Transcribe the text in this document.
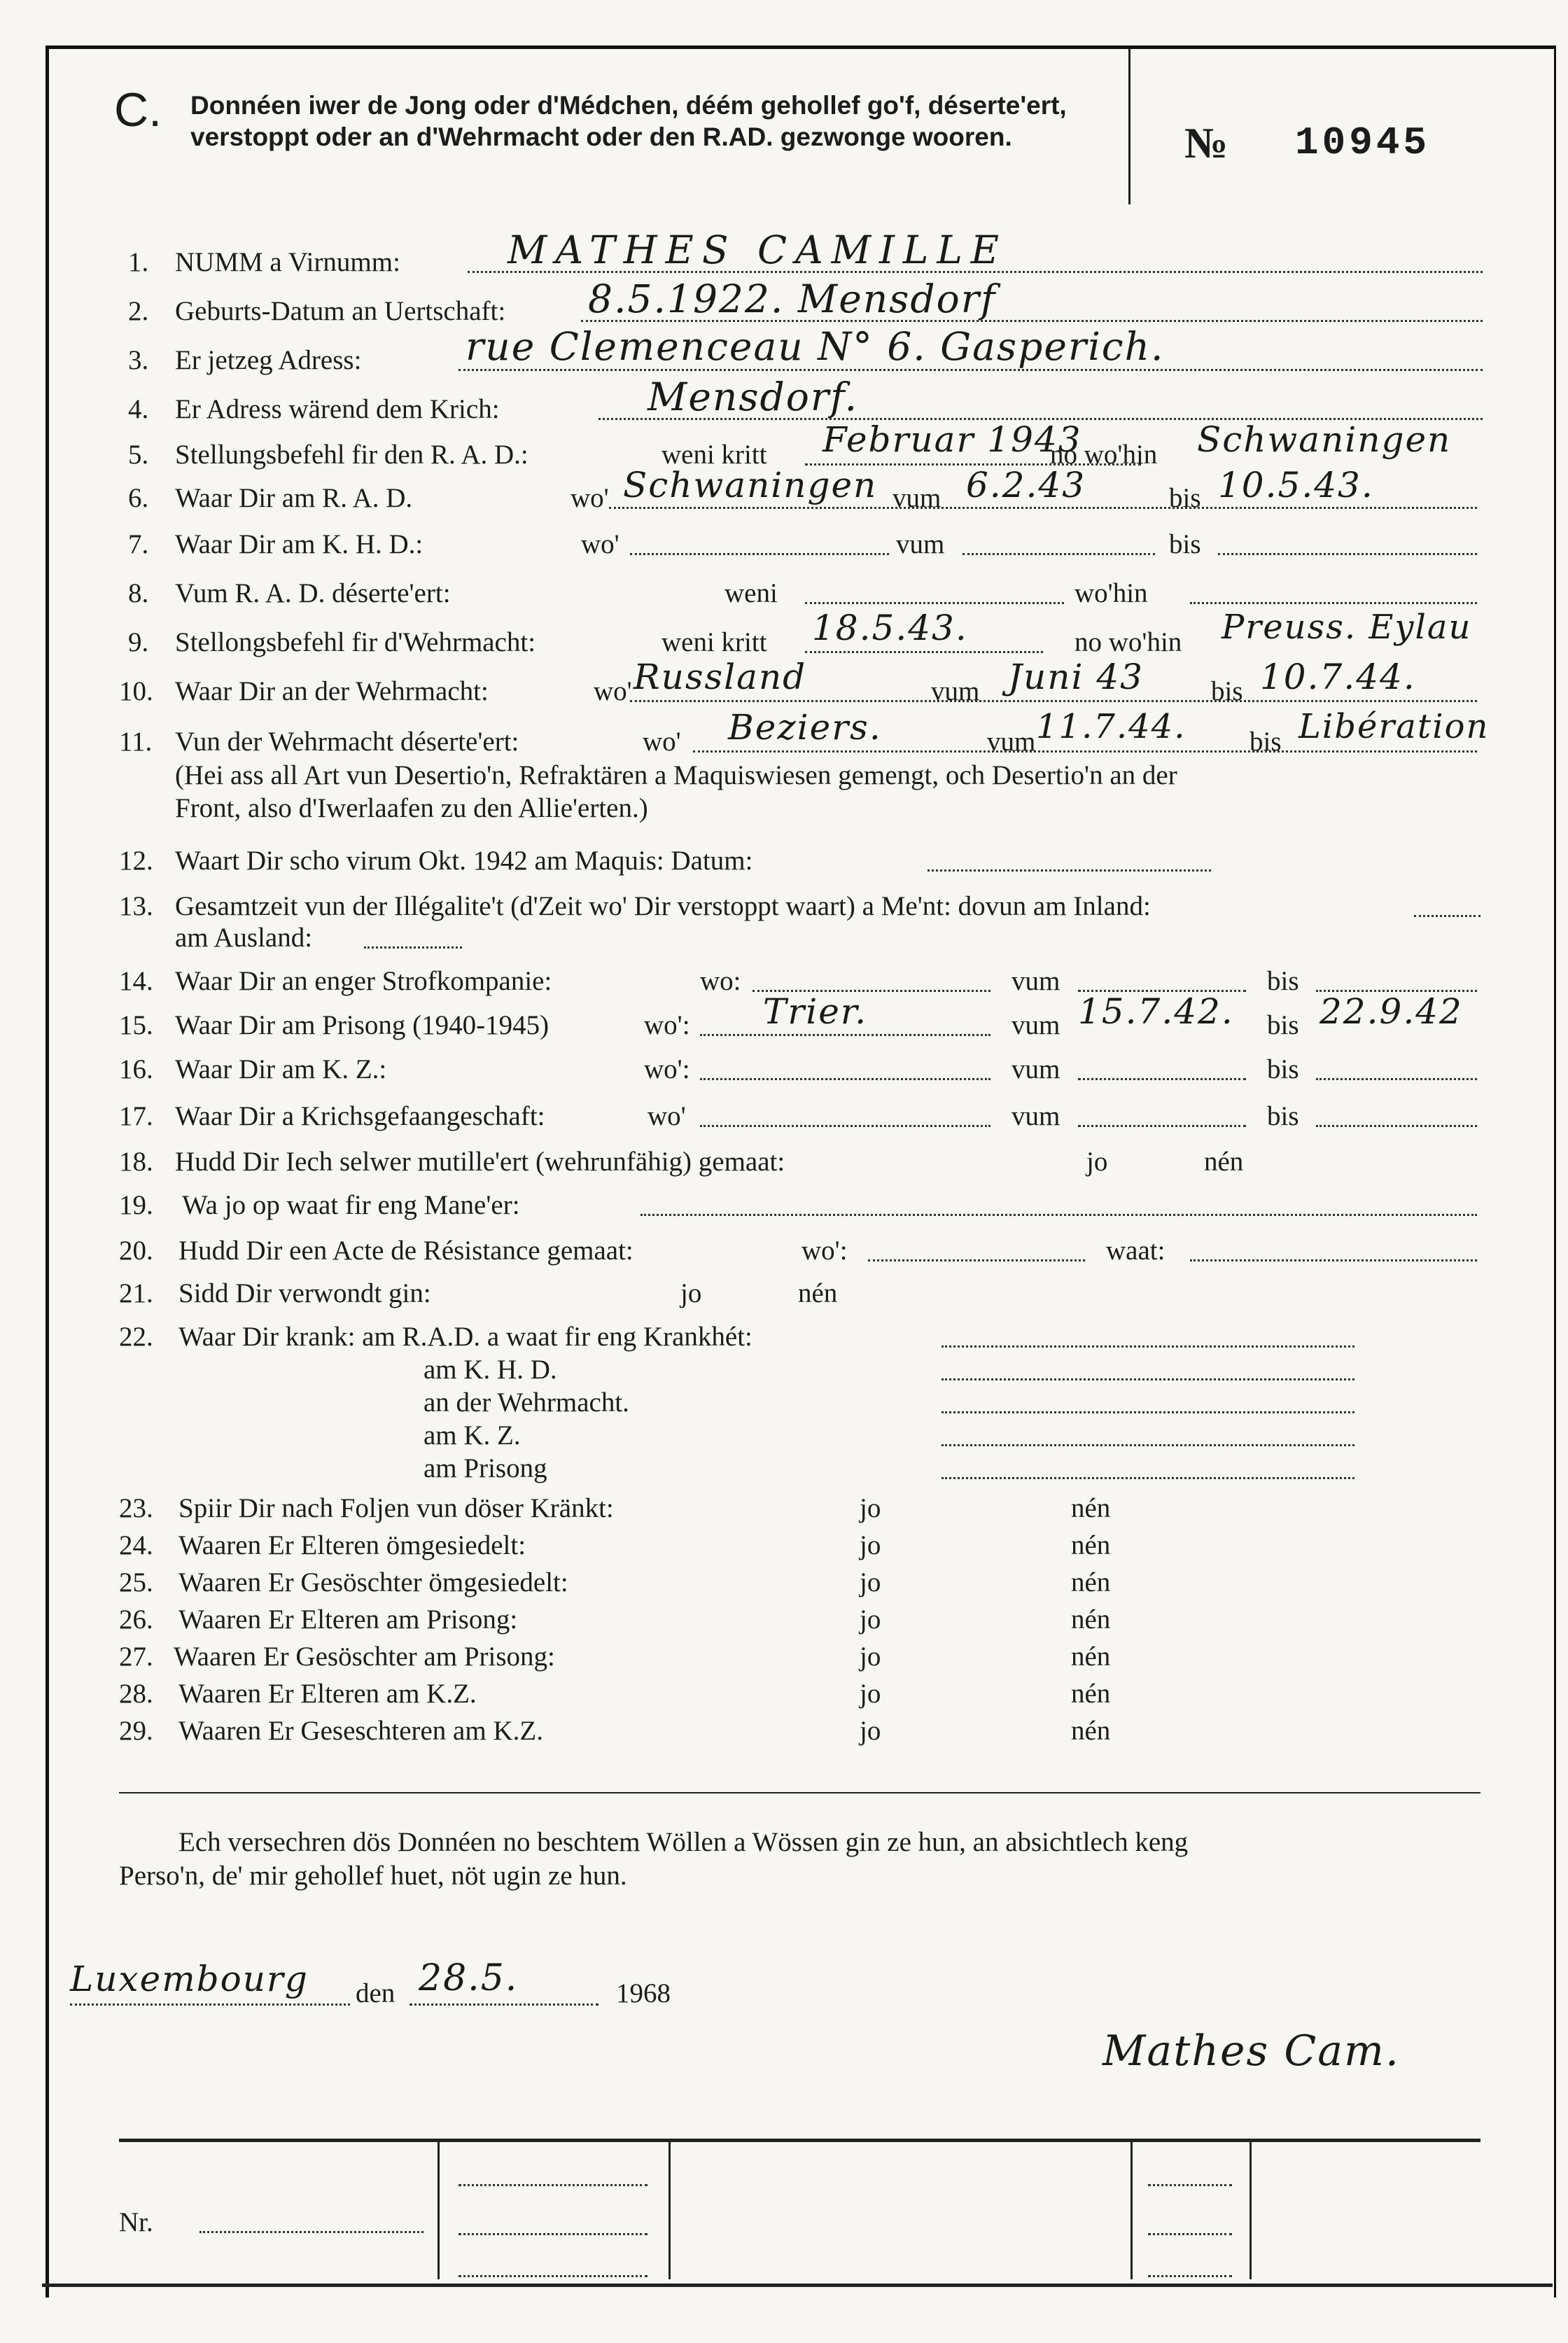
C. Donnéen iwer de Jong oder d'Médchen, déém gehollef go'f, déserte'ert, verstoppt oder an d'Wehrmacht oder den R.AD. gezwonge wooren.	№ 10945
1. NUMM a Virnumm:	MATHES CAMILLE
2. Geburts-Datum an Uertschaft: 8.5.1922. Mensdorf
3. Er jetzeg Adress:	rue Clemenceau N° 6. Gasperich.
4. Er Adress wärend dem Krich:	Mensdorf.
5. Stellungsbefehl fir den R. A. D.:	weni kritt Februar 1943
no wo'hin Schwaningen
6. Waar Dir am R. A. D.	wo' Schwaningen vum 6.2.43	bis 10.5.43.
7. Waar Dir am K. H. D.:	wo'	vum	bis
8. Vum R. A. D. déserte'ert:	weni	wo'hin
9. Stellongsbefehl fir d'Wehrmacht:	weni kritt 18.5.43.	no wo'hin Preuss. Eylau
10. Waar Dir an der Wehrmacht:	wo' Russland	vum Juni 43 bis 10.7.44.
11. Vun der Wehrmacht déserte'ert:	wo' Beziers.	vum 11.7.44. bis Libération
(Hei ass all Art vun Desertio'n, Refraktären a Maquiswiesen gemengt, och Desertio'n an der
Front, also d'Iwerlaafen zu den Allie'erten.)
12. Waart Dir scho virum Okt. 1942 am Maquis: Datum:
13. Gesamtzeit vun der Illégalite't (d'Zeit wo' Dir verstoppt waart) a Me'nt: dovun am Inland:
am Ausland:
14. Waar Dir an enger Strofkompanie:	wo:	vum	bis
15. Waar Dir am Prisong (1940-1945)	wo': Trier.	vum 15.7.42. bis 22.9.42
16. Waar Dir am K. Z.:	wo':	vum	bis
17. Waar Dir a Krichsgefaangeschaft:	wo'	vum	bis
18. Hudd Dir Iech selwer mutille'ert (wehrunfähig) gemaat:	jo	nén
19. Wa jo op waat fir eng Mane'er:
20. Hudd Dir een Acte de Résistance gemaat:	wo':	waat:
21. Sidd Dir verwondt gin:	jo	nén
22. Waar Dir krank: am R.A.D. a waat fir eng Krankhét:
am K. H. D.
an der Wehrmacht.
am K. Z.
am Prisong
23. Spiir Dir nach Foljen vun döser Kränkt:	jo	nén
24. Waaren Er Elteren ömgesiedelt:	jo	nén
25. Waaren Er Gesöschter ömgesiedelt:	jo	nén
26. Waaren Er Elteren am Prisong:	jo	nén
27. Waaren Er Gesöschter am Prisong:	jo	nén
28. Waaren Er Elteren am K.Z.	jo	nén
29. Waaren Er Geseschteren am K.Z.	jo	nén
Ech versechren dös Donnéen no beschtem Wöllen a Wössen gin ze hun, an absichtlech keng
Perso'n, de' mir gehollef huet, nöt ugin ze hun.
Luxembourg den 28.5.	1968
Mathes Cam.
Nr.
